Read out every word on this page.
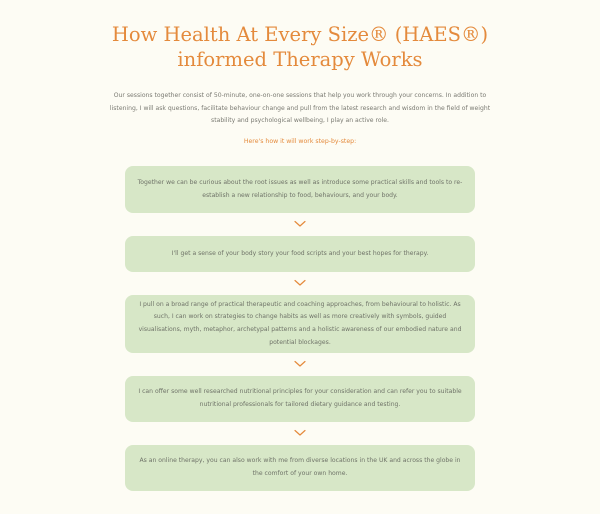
How Health At Every Size® (HAES®)
informed Therapy Works

Our sessions together consist of 50-minute, one-on-one sessions that help you work through your concerns. In addition to listening, I will ask questions, facilitate behaviour change and pull from the latest research and wisdom in the field of weight stability and psychological wellbeing, I play an active role.

Here's how it will work step-by-step:

Together we can be curious about the root issues as well as introduce some practical skills and tools to re-establish a new relationship to food, behaviours, and your body.

I'll get a sense of your body story your food scripts and your best hopes for therapy.

I pull on a broad range of practical therapeutic and coaching approaches, from behavioural to holistic. As such, I can work on strategies to change habits as well as more creatively with symbols, guided visualisations, myth, metaphor, archetypal patterns and a holistic awareness of our embodied nature and potential blockages.

I can offer some well researched nutritional principles for your consideration and can refer you to suitable nutritional professionals for tailored dietary guidance and testing.

As an online therapy, you can also work with me from diverse locations in the UK and across the globe in the comfort of your own home.
